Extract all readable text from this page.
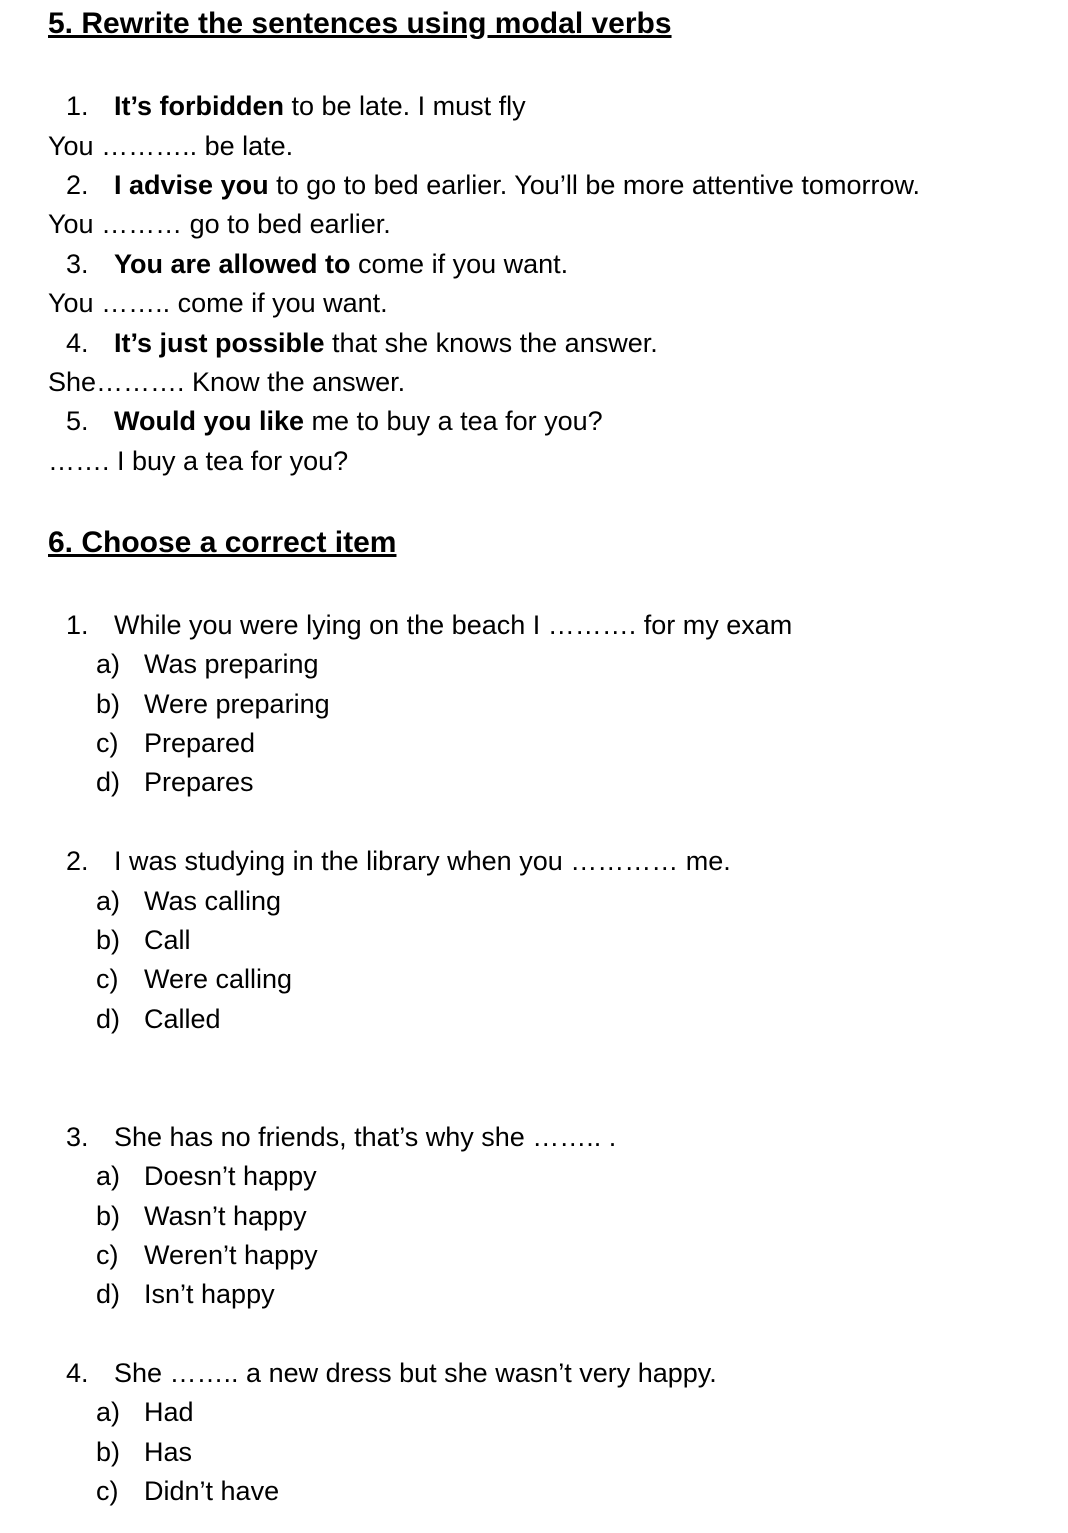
5. Rewrite the sentences using modal verbs
1. It’s forbidden to be late. I must fly
You ……….. be late.
2. I advise you to go to bed earlier. You’ll be more attentive tomorrow.
You ……… go to bed earlier.
3. You are allowed to come if you want.
You …….. come if you want.
4. It’s just possible that she knows the answer.
She………. Know the answer.
5. Would you like me to buy a tea for you?
……. I buy a tea for you?
6. Choose a correct item
1. While you were lying on the beach I ………. for my exam
a) Was preparing
b) Were preparing
c) Prepared
d) Prepares
2. I was studying in the library when you ………… me.
a) Was calling
b) Call
c) Were calling
d) Called
3. She has no friends, that’s why she …….. .
a) Doesn’t happy
b) Wasn’t happy
c) Weren’t happy
d) Isn’t happy
4. She …….. a new dress but she wasn’t very happy.
a) Had
b) Has
c) Didn’t have
